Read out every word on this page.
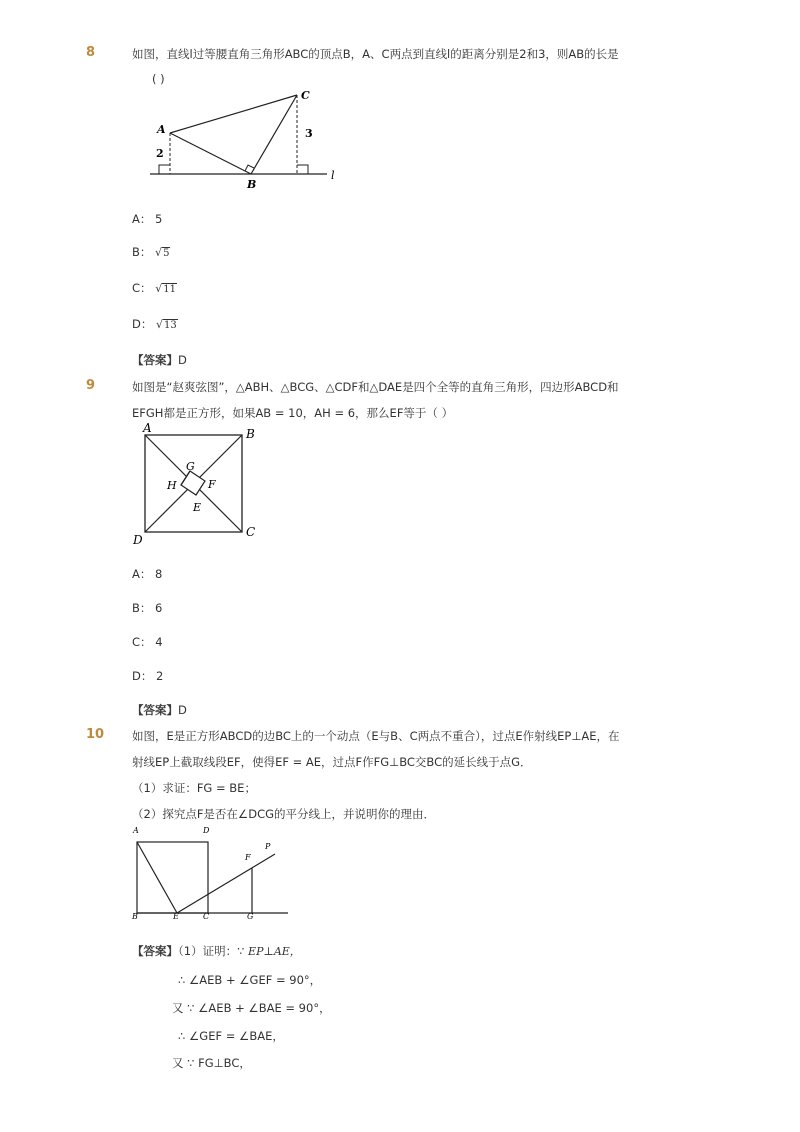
8	如图，直线l过等腰直角三角形ABC的顶点B，A、C两点到直线l的距离分别是2和3，则AB的长是
( )
A
B
C
l
2
3
A： 5
B： √5
C： √11
D： √13
【答案】D
9	如图是“赵爽弦图”，△ABH、△BCG、△CDF和△DAE是四个全等的直角三角形，四边形ABCD和
EFGH都是正方形，如果AB = 10，AH = 6，那么EF等于（ ）
A	B
C
D
E
F
G
H
A： 8
B： 6
C： 4
D： 2
【答案】D
10 如图，E是正方形ABCD的边BC上的一个动点（E与B、C两点不重合），过点E作射线EP⊥AE，在
射线EP上截取线段EF，使得EF = AE，过点F作FG⊥BC交BC的延长线于点G．
（1）求证：FG = BE；
（2）探究点F是否在∠DCG的平分线上，并说明你的理由．
A	D
B	E	C	G
F
P
【答案】（1）证明：∵ EP⊥AE，
∴ ∠AEB + ∠GEF = 90°，
又 ∵ ∠AEB + ∠BAE = 90°，
∴ ∠GEF = ∠BAE，
又 ∵ FG⊥BC，
